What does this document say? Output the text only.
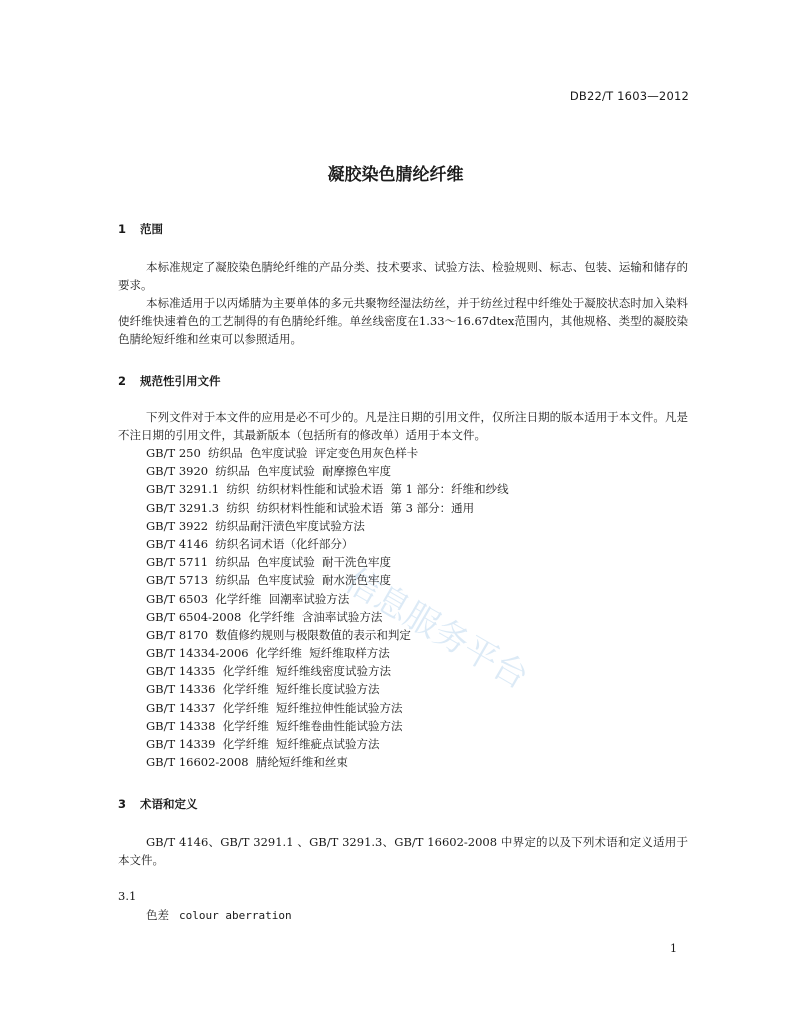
信息服务平台
DB22/T 1603—2012
凝胶染色腈纶纤维
1 范围
本标准规定了凝胶染色腈纶纤维的产品分类、技术要求、试验方法、检验规则、标志、包装、运输和储存的要求。
本标准适用于以丙烯腈为主要单体的多元共聚物经湿法纺丝，并于纺丝过程中纤维处于凝胶状态时加入染料使纤维快速着色的工艺制得的有色腈纶纤维。单丝线密度在1.33～16.67dtex范围内，其他规格、类型的凝胶染色腈纶短纤维和丝束可以参照适用。
2 规范性引用文件
下列文件对于本文件的应用是必不可少的。凡是注日期的引用文件，仅所注日期的版本适用于本文件。凡是不注日期的引用文件，其最新版本（包括所有的修改单）适用于本文件。
GB/T 250  纺织品  色牢度试验  评定变色用灰色样卡
GB/T 3920  纺织品  色牢度试验  耐摩擦色牢度
GB/T 3291.1  纺织  纺织材料性能和试验术语  第 1 部分：纤维和纱线
GB/T 3291.3  纺织  纺织材料性能和试验术语  第 3 部分：通用
GB/T 3922  纺织品耐汗渍色牢度试验方法
GB/T 4146  纺织名词术语（化纤部分）
GB/T 5711  纺织品  色牢度试验  耐干洗色牢度
GB/T 5713  纺织品  色牢度试验  耐水洗色牢度
GB/T 6503  化学纤维  回潮率试验方法
GB/T 6504-2008  化学纤维  含油率试验方法
GB/T 8170  数值修约规则与极限数值的表示和判定
GB/T 14334-2006  化学纤维  短纤维取样方法
GB/T 14335  化学纤维  短纤维线密度试验方法
GB/T 14336  化学纤维  短纤维长度试验方法
GB/T 14337  化学纤维  短纤维拉伸性能试验方法
GB/T 14338  化学纤维  短纤维卷曲性能试验方法
GB/T 14339  化学纤维  短纤维疵点试验方法
GB/T 16602-2008  腈纶短纤维和丝束
3 术语和定义
GB/T 4146、GB/T 3291.1 、GB/T 3291.3、GB/T 16602-2008 中界定的以及下列术语和定义适用于本文件。
3.1
色差 colour aberration
1
